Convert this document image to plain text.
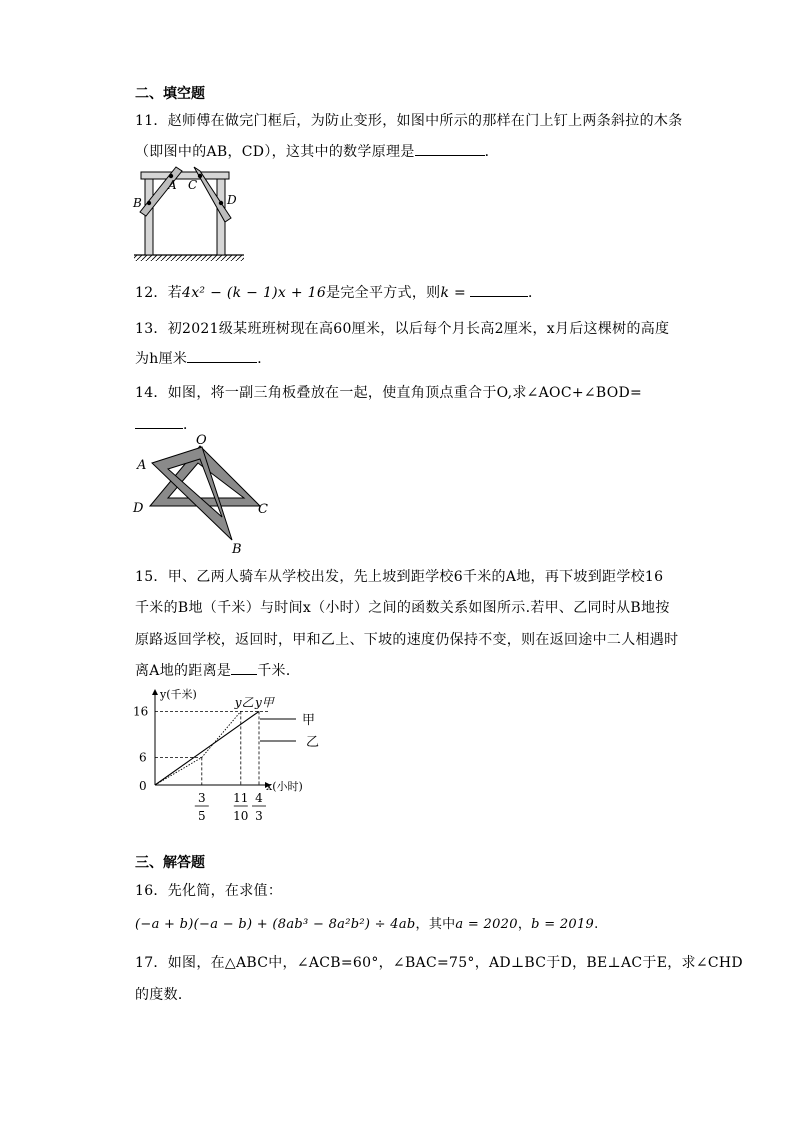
二、填空题
11．赵师傅在做完门框后，为防止变形，如图中所示的那样在门上钉上两条斜拉的木条
（即图中的AB，CD），这其中的数学原理是	．
A
B
C
D
12．若4x² − (k − 1)x + 16是完全平方式，则k =	．
13．初2021级某班班树现在高60厘米，以后每个月长高2厘米，x月后这棵树的高度
为h厘米	．
14．如图，将一副三角板叠放在一起，使直角顶点重合于O,求∠AOC+∠BOD=
．
O
A
D	C
B
15．甲、乙两人骑车从学校出发，先上坡到距学校6千米的A地，再下坡到距学校16
千米的B地（千米）与时间x（小时）之间的函数关系如图所示.若甲、乙同时从B地按
原路返回学校，返回时，甲和乙上、下坡的速度仍保持不变，则在返回途中二人相遇时
离A地的距离是 千米．
y(千米)
x(小时)
0
y乙 y甲
16
6
3
5
11
10
4
3
甲
乙
三、解答题
16．先化简，在求值：
(−a + b)(−a − b) + (8ab³ − 8a²b²) ÷ 4ab，其中a = 2020，b = 2019.
17．如图，在△ABC中，∠ACB=60°，∠BAC=75°，AD⊥BC于D，BE⊥AC于E，求∠CHD
的度数．
